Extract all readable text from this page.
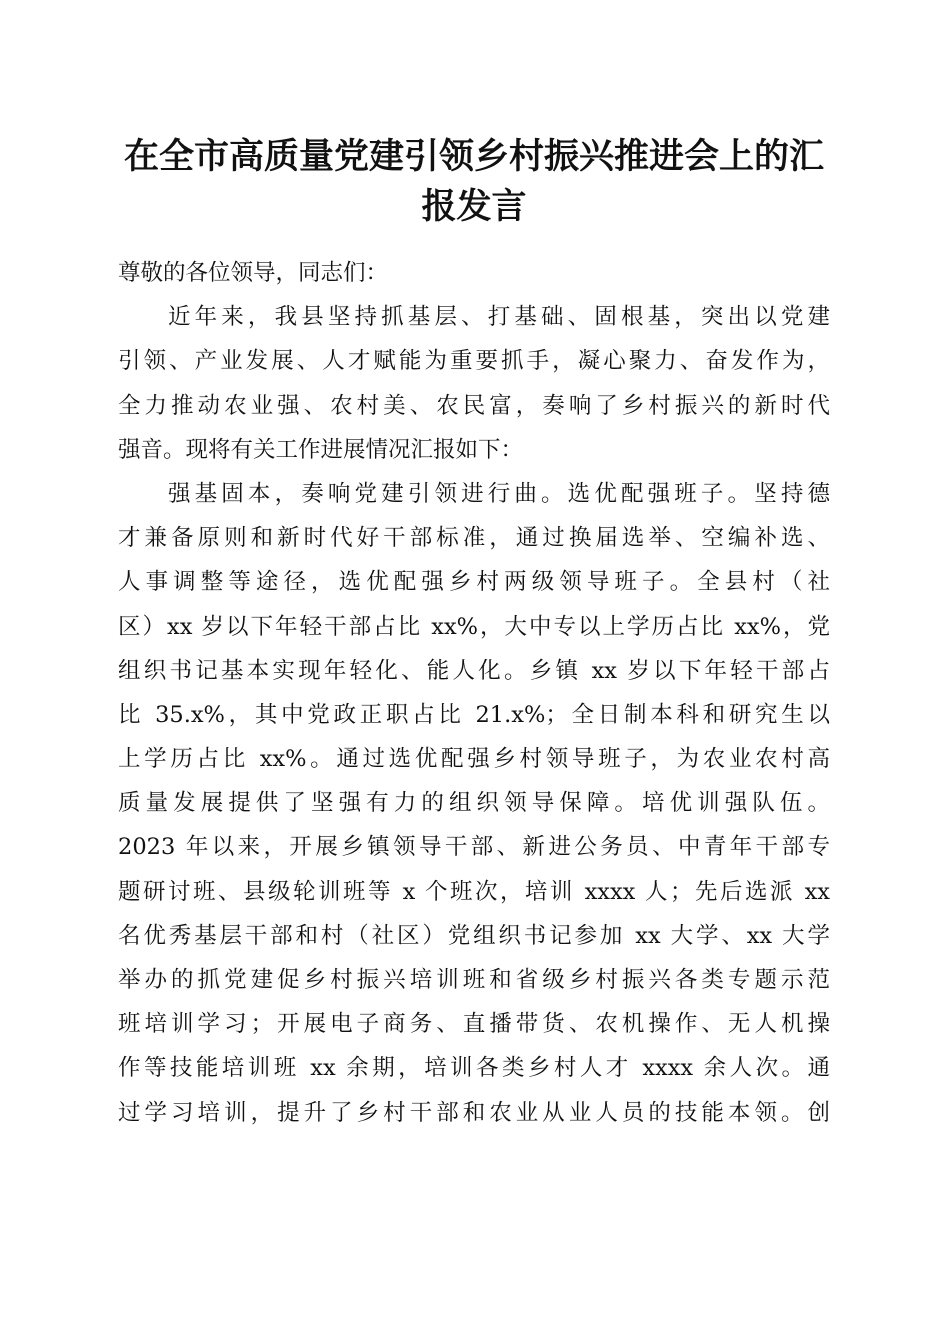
在全市高质量党建引领乡村振兴推进会上的汇
报发言
尊敬的各位领导，同志们：
近年来，我县坚持抓基层、打基础、固根基，突出以党建
引领、产业发展、人才赋能为重要抓手，凝心聚力、奋发作为，
全力推动农业强、农村美、农民富，奏响了乡村振兴的新时代
强音。现将有关工作进展情况汇报如下：
强基固本，奏响党建引领进行曲。选优配强班子。坚持德
才兼备原则和新时代好干部标准，通过换届选举、空编补选、
人事调整等途径，选优配强乡村两级领导班子。全县村（社
区）xx 岁以下年轻干部占比 xx%，大中专以上学历占比 xx%，党
组织书记基本实现年轻化、能人化。乡镇 xx 岁以下年轻干部占
比 35.x%，其中党政正职占比 21.x%；全日制本科和研究生以
上学历占比 xx%。通过选优配强乡村领导班子，为农业农村高
质量发展提供了坚强有力的组织领导保障。培优训强队伍。
2023 年以来，开展乡镇领导干部、新进公务员、中青年干部专
题研讨班、县级轮训班等 x 个班次，培训 xxxx 人；先后选派 xx
名优秀基层干部和村（社区）党组织书记参加 xx 大学、xx 大学
举办的抓党建促乡村振兴培训班和省级乡村振兴各类专题示范
班培训学习；开展电子商务、直播带货、农机操作、无人机操
作等技能培训班 xx 余期，培训各类乡村人才 xxxx 余人次。通
过学习培训，提升了乡村干部和农业从业人员的技能本领。创
